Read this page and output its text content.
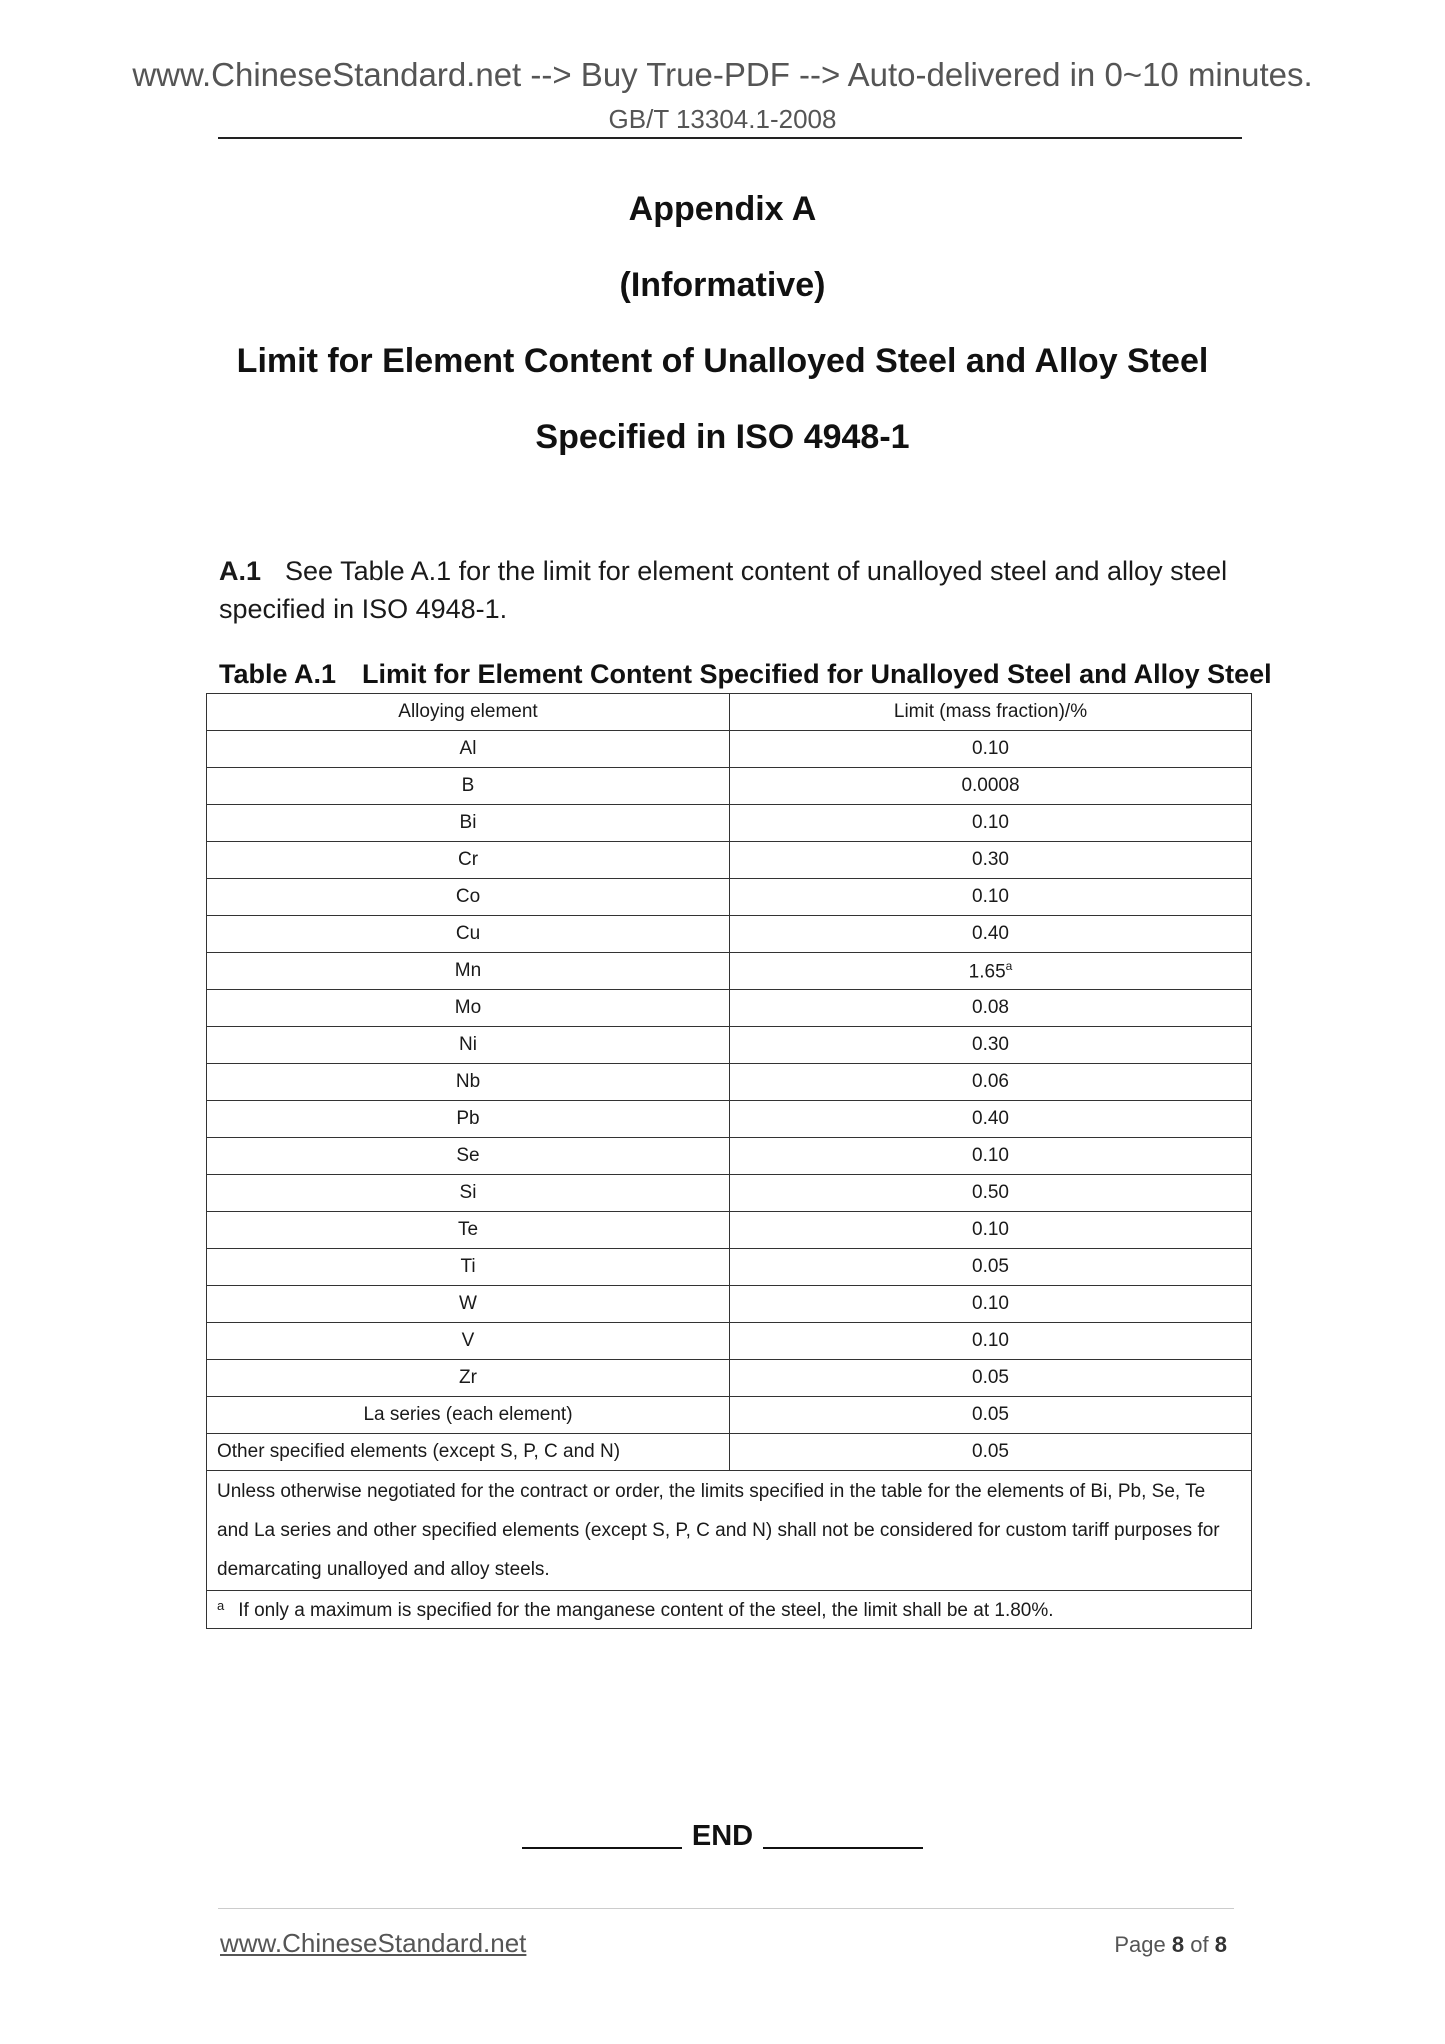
www.ChineseStandard.net --> Buy True-PDF --> Auto-delivered in 0~10 minutes.
GB/T 13304.1-2008
Appendix A
(Informative)
Limit for Element Content of Unalloyed Steel and Alloy Steel
Specified in ISO 4948-1
A.1 See Table A.1 for the limit for element content of unalloyed steel and alloy steel specified in ISO 4948-1.
Table A.1 Limit for Element Content Specified for Unalloyed Steel and Alloy Steel
Alloying element	Limit (mass fraction)/%
Al	0.10
B	0.0008
Bi	0.10
Cr	0.30
Co	0.10
Cu	0.40
Mn	1.65$^a$
Mo	0.08
Ni	0.30
Nb	0.06
Pb	0.40
Se	0.10
Si	0.50
Te	0.10
Ti	0.05
W	0.10
V	0.10
Zr	0.05
La series (each element)	0.05
Other specified elements (except S, P, C and N)	0.05
Unless otherwise negotiated for the contract or order, the limits specified in the table for the elements of Bi, Pb, Se, Te and La series and other specified elements (except S, P, C and N) shall not be considered for custom tariff purposes for demarcating unalloyed and alloy steels.	
$^a$ If only a maximum is specified for the manganese content of the steel, the limit shall be at 1.80%.	
END
www.ChineseStandard.net	Page 8 of 8
